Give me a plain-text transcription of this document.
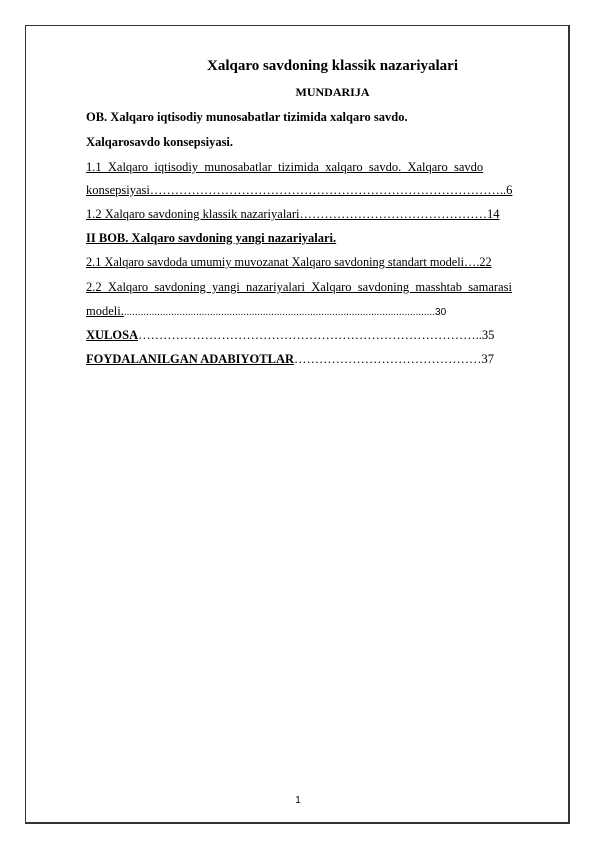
Xalqaro savdoning klassik nazariyalari
MUNDARIJA
OB. Xalqaro iqtisodiy munosabatlar tizimida xalqaro savdo.
Xalqarosavdo konsepsiyasi.
1.1  Xalqaro  iqtisodiy  munosabatlar  tizimida  xalqaro  savdo.  Xalqaro  savdo
konsepsiyasi…………………………………………………………………………..6
1.2 Xalqaro savdoning klassik nazariyalari………………………………………14
II BOB. Xalqaro savdoning yangi nazariyalari.
2.1 Xalqaro savdoda umumiy muvozanat Xalqaro savdoning standart modeli….22
2.2  Xalqaro  savdoning  yangi  nazariyalari  Xalqaro  savdoning  masshtab  samarasi
modeli.................................................................................................................30
XULOSA………………………………………………………………………..35
FOYDALANILGAN ADABIYOTLAR………………………………………37
1
